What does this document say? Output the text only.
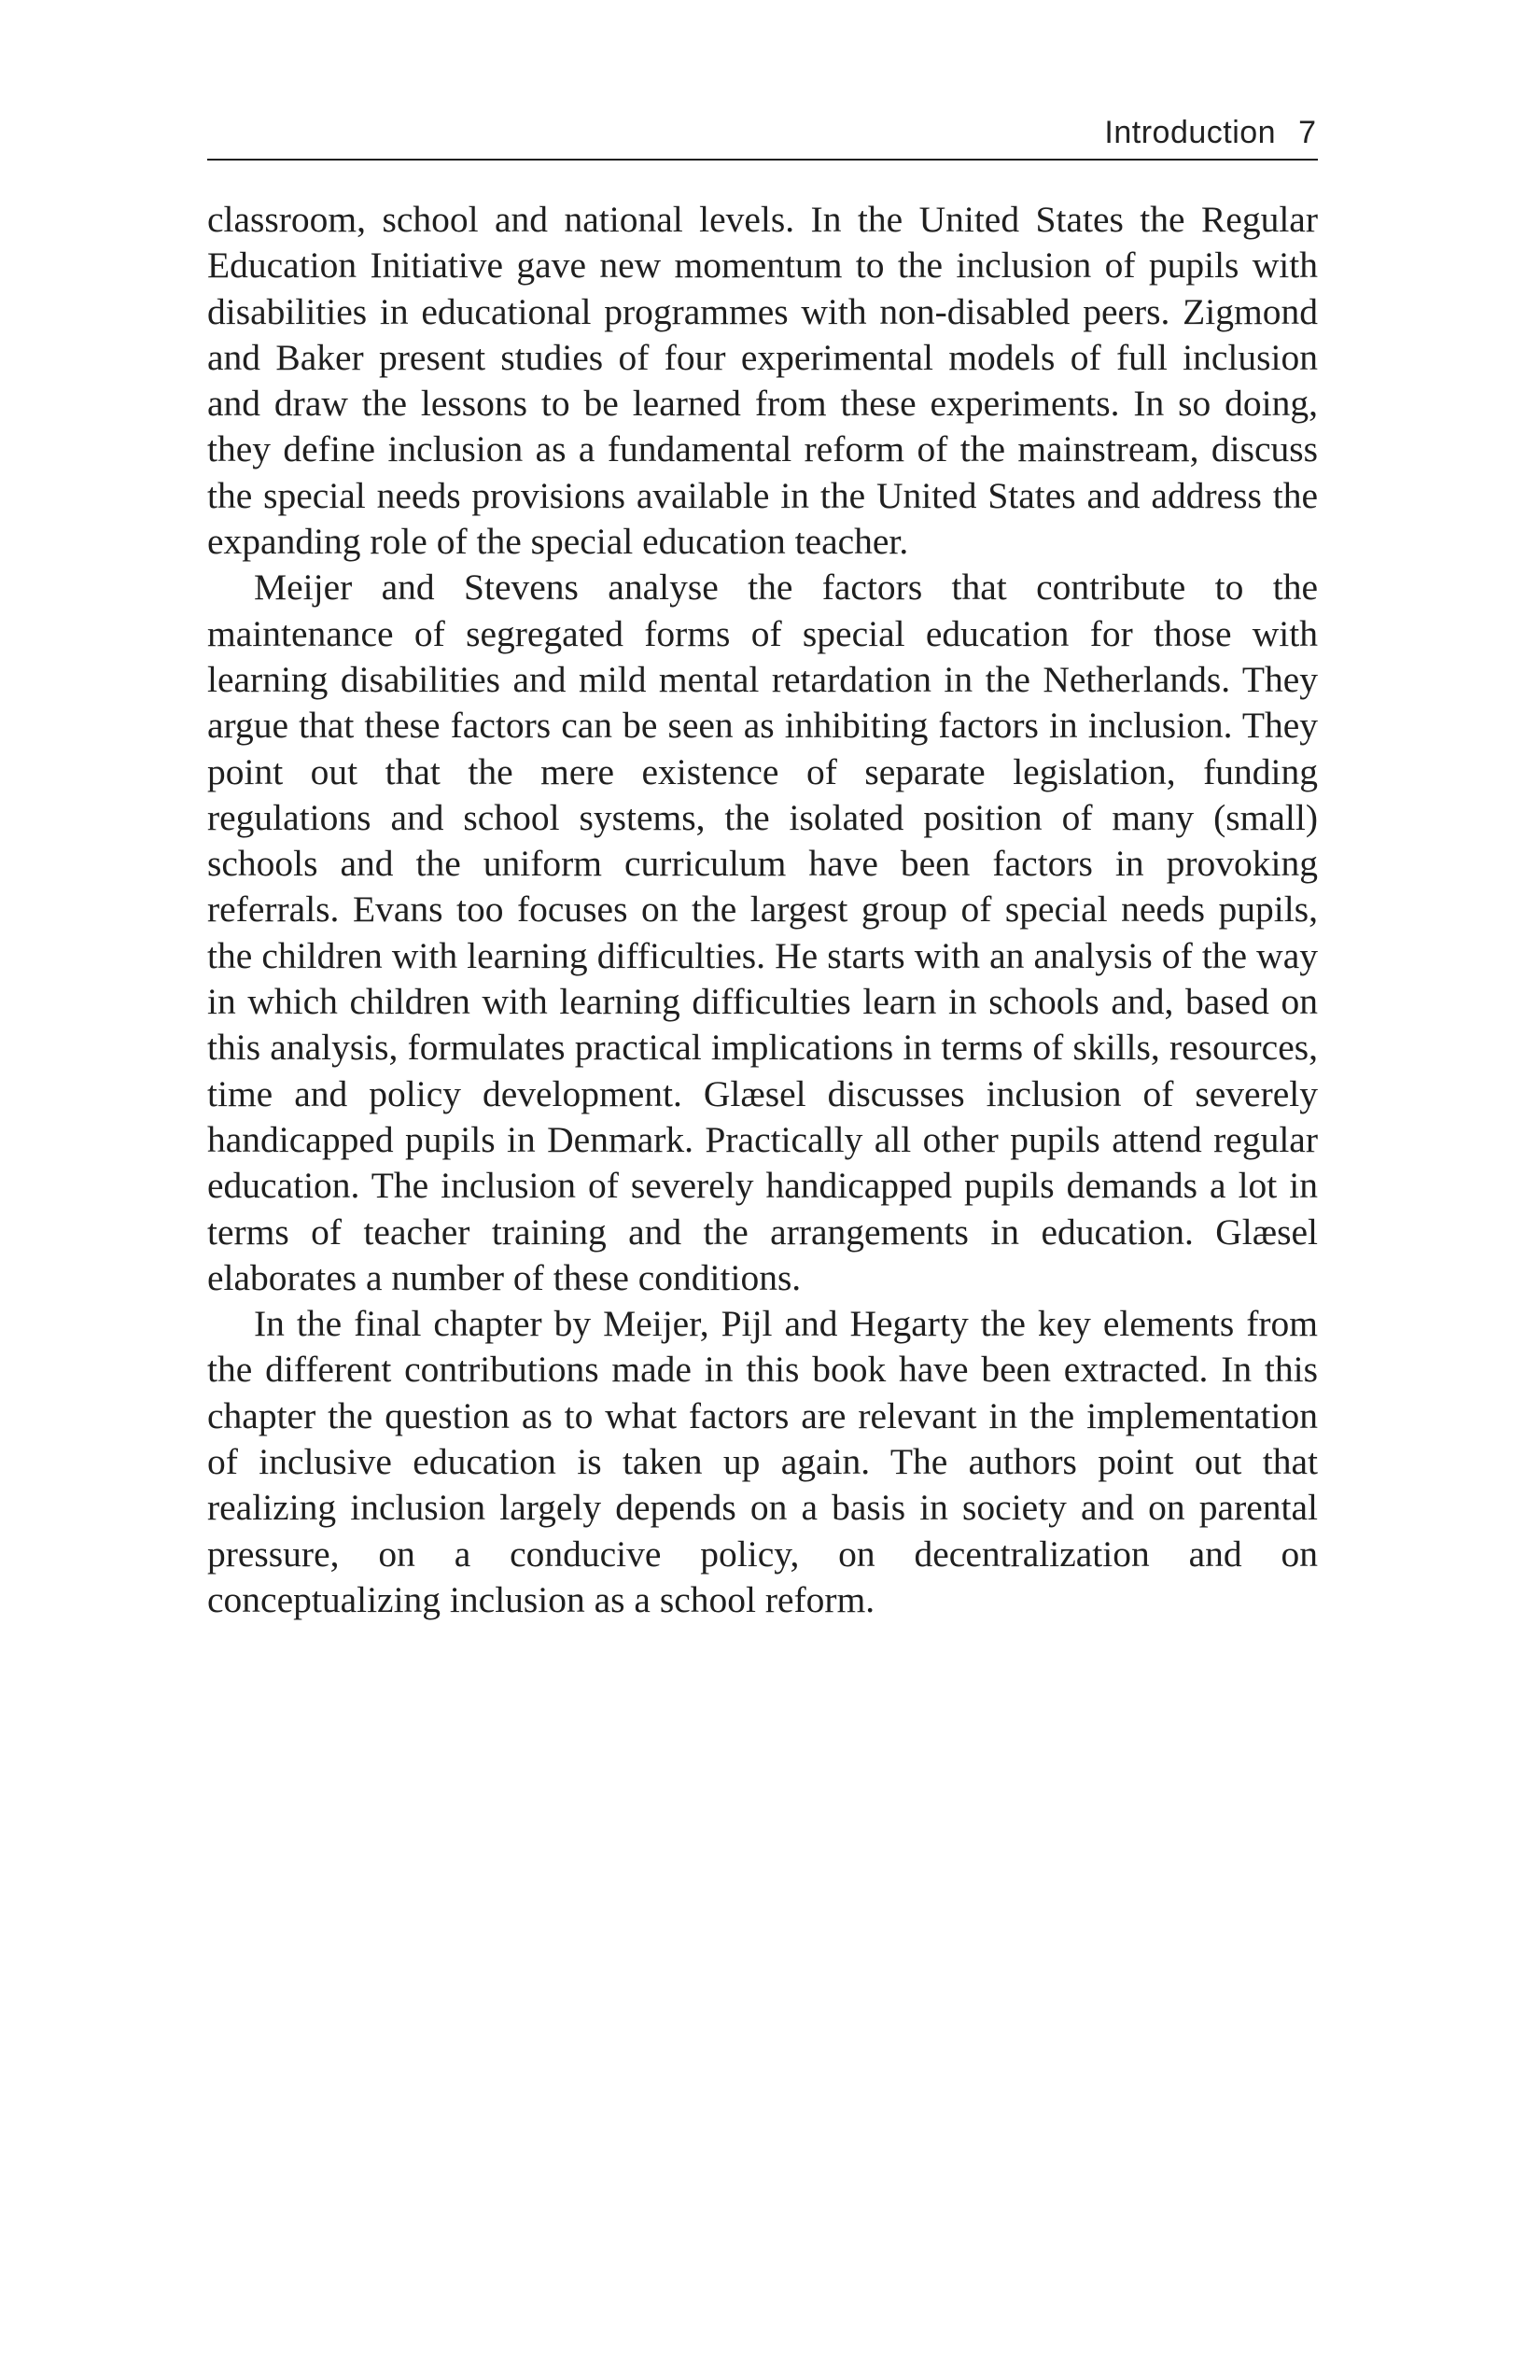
Introduction 7

classroom, school and national levels. In the United States the Regular Education Initiative gave new momentum to the inclusion of pupils with disabilities in educational programmes with non-disabled peers. Zigmond and Baker present studies of four experimental models of full inclusion and draw the lessons to be learned from these experiments. In so doing, they define inclusion as a fundamental reform of the mainstream, discuss the special needs provisions available in the United States and address the expanding role of the special education teacher.

Meijer and Stevens analyse the factors that contribute to the maintenance of segregated forms of special education for those with learning disabilities and mild mental retardation in the Netherlands. They argue that these factors can be seen as inhibiting factors in inclusion. They point out that the mere existence of separate legislation, funding regulations and school systems, the isolated position of many (small) schools and the uniform curriculum have been factors in provoking referrals. Evans too focuses on the largest group of special needs pupils, the children with learning difficulties. He starts with an analysis of the way in which children with learning difficulties learn in schools and, based on this analysis, formulates practical implications in terms of skills, resources, time and policy development. Glæsel discusses inclusion of severely handicapped pupils in Denmark. Practically all other pupils attend regular education. The inclusion of severely handicapped pupils demands a lot in terms of teacher training and the arrangements in education. Glæsel elaborates a number of these conditions.

In the final chapter by Meijer, Pijl and Hegarty the key elements from the different contributions made in this book have been extracted. In this chapter the question as to what factors are relevant in the implementation of inclusive education is taken up again. The authors point out that realizing inclusion largely depends on a basis in society and on parental pressure, on a conducive policy, on decentralization and on conceptualizing inclusion as a school reform.
